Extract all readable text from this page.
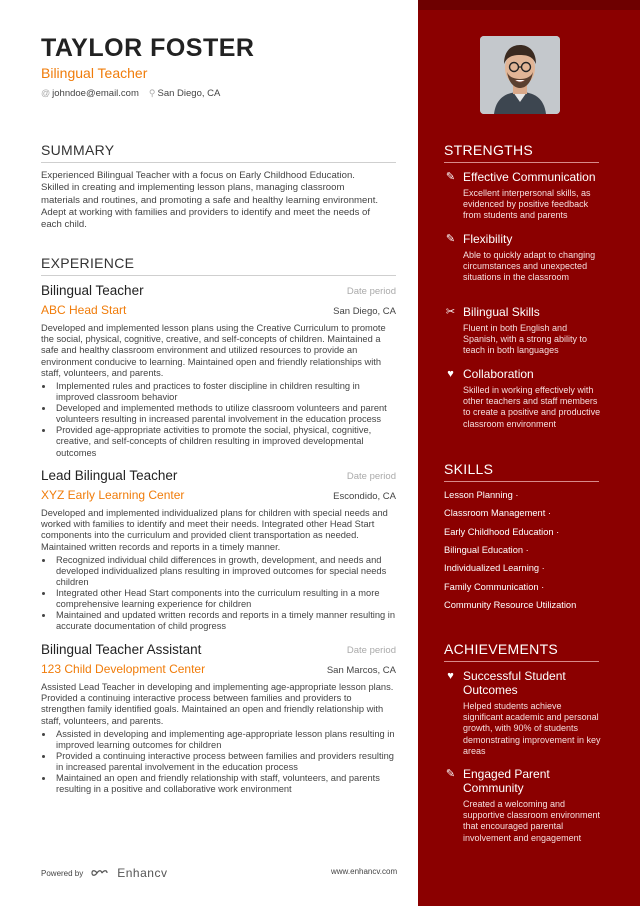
TAYLOR FOSTER
Bilingual Teacher
@ johndoe@email.com ⚲ San Diego, CA
SUMMARY
Experienced Bilingual Teacher with a focus on Early Childhood Education. Skilled in creating and implementing lesson plans, managing classroom materials and routines, and promoting a safe and healthy learning environment. Adept at working with families and providers to identify and meet the needs of each child.
EXPERIENCE
Bilingual Teacher	Date period
ABC Head Start	San Diego, CA
Developed and implemented lesson plans using the Creative Curriculum to promote the social, physical, cognitive, creative, and self-concepts of children. Maintained a safe and healthy classroom environment and utilized resources to provide an environment conducive to learning. Maintained open and friendly relationships with staff, volunteers, and parents.
• Implemented rules and practices to foster discipline in children resulting in improved classroom behavior
• Developed and implemented methods to utilize classroom volunteers and parent volunteers resulting in increased parental involvement in the education process
• Provided age-appropriate activities to promote the social, physical, cognitive, creative, and self-concepts of children resulting in improved developmental outcomes
Lead Bilingual Teacher	Date period
XYZ Early Learning Center	Escondido, CA
Developed and implemented individualized plans for children with special needs and worked with families to identify and meet their needs. Integrated other Head Start components into the curriculum and provided client transportation as needed. Maintained written records and reports in a timely manner.
• Recognized individual child differences in growth, development, and needs and developed individualized plans resulting in improved outcomes for special needs children
• Integrated other Head Start components into the curriculum resulting in a more comprehensive learning experience for children
• Maintained and updated written records and reports in a timely manner resulting in accurate documentation of child progress
Bilingual Teacher Assistant	Date period
123 Child Development Center	San Marcos, CA
Assisted Lead Teacher in developing and implementing age-appropriate lesson plans. Provided a continuing interactive process between families and providers to strengthen family identified goals. Maintained an open and friendly relationship with staff, volunteers, and parents.
• Assisted in developing and implementing age-appropriate lesson plans resulting in improved learning outcomes for children
• Provided a continuing interactive process between families and providers resulting in increased parental involvement in the education process
• Maintained an open and friendly relationship with staff, volunteers, and parents resulting in a positive and collaborative work environment
Powered by	Enhancv	www.enhancv.com
STRENGTHS
✎ Effective Communication
Excellent interpersonal skills, as evidenced by positive feedback from students and parents
✎ Flexibility
Able to quickly adapt to changing circumstances and unexpected situations in the classroom
✂ Bilingual Skills
Fluent in both English and Spanish, with a strong ability to teach in both languages
♥ Collaboration
Skilled in working effectively with other teachers and staff members to create a positive and productive classroom environment
SKILLS
Lesson Planning ·
Classroom Management ·
Early Childhood Education ·
Bilingual Education ·
Individualized Learning ·
Family Communication ·
Community Resource Utilization
ACHIEVEMENTS
♥ Successful Student Outcomes
Helped students achieve significant academic and personal growth, with 90% of students demonstrating improvement in key areas
✎ Engaged Parent Community
Created a welcoming and supportive classroom environment that encouraged parental involvement and engagement
